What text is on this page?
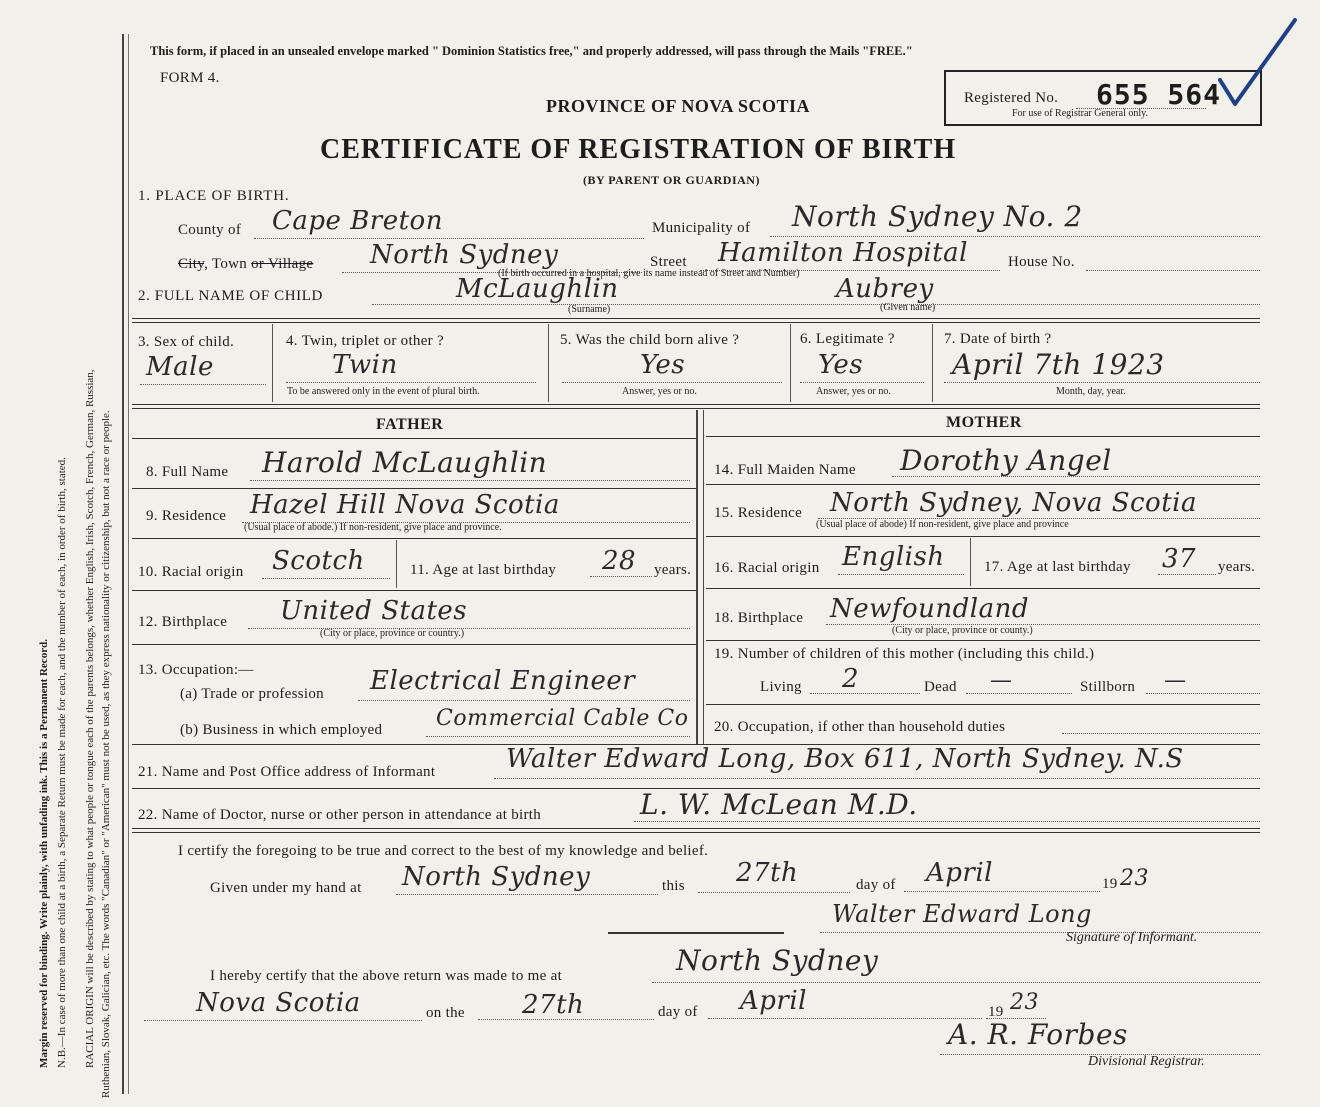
Margin reserved for binding. Write plainly, with unfading ink. This is a Permanent Record. N.B.—In case of more than one child at a birth, a Separate Return must be made for each, and the number of each, in order of birth, stated. RACIAL ORIGIN will be described by stating to what people or tongue each of the parents belongs, whether English, Irish, Scotch, French, German, Russian, Ruthenian, Slovak, Galician, etc. The words "Canadian" or "American" must not be used, as they express nationality or citizenship, but not a race or people.
This form, if placed in an unsealed envelope marked " Dominion Statistics free," and properly addressed, will pass through the Mails "FREE."
FORM 4.
PROVINCE OF NOVA SCOTIA
CERTIFICATE OF REGISTRATION OF BIRTH
(BY PARENT OR GUARDIAN)
Registered No. 655 564
For use of Registrar General only.
1. PLACE OF BIRTH.
County of Cape Breton	Municipality of North Sydney No. 2
City, Town or Village North Sydney	Street Hamilton Hospital	House No.
(If birth occurred in a hospital, give its name instead of Street and Number)
2. FULL NAME OF CHILD	McLaughlin	Aubrey
(Surname)	(Given name)
3. Sex of child.
Male
4. Twin, triplet or other ?
Twin
To be answered only in the event of plural birth.
5. Was the child born alive ?
Yes
Answer, yes or no.
6. Legitimate ?
Yes
Answer, yes or no.
7. Date of birth ?
April 7th 1923
Month, day, year.
FATHER	MOTHER
8. Full Name Harold McLaughlin
9. Residence Hazel Hill Nova Scotia
(Usual place of abode.) If non-resident, give place and province.
10. Racial origin Scotch	11. Age at last birthday 28 years.
12. Birthplace United States
(City or place, province or country.)
13. Occupation:—
(a) Trade or profession Electrical Engineer
(b) Business in which employed Commercial Cable Co
14. Full Maiden Name Dorothy Angel
15. Residence North Sydney, Nova Scotia
(Usual place of abode) If non-resident, give place and province
16. Racial origin English	17. Age at last birthday 37 years.
18. Birthplace Newfoundland
(City or place, province or county.)
19. Number of children of this mother (including this child.)
Living 2	Dead —	Stillborn —
20. Occupation, if other than household duties
21. Name and Post Office address of Informant	Walter Edward Long, Box 611, North Sydney. N.S
22. Name of Doctor, nurse or other person in attendance at birth	L. W. McLean M.D.
I certify the foregoing to be true and correct to the best of my knowledge and belief.
Given under my hand at North Sydney	this 27th	day of April	19 23
Walter Edward Long
Signature of Informant.
I hereby certify that the above return was made to me at	North Sydney
Nova Scotia	on the 27th	day of April	19 23
A. R. Forbes
Divisional Registrar.
